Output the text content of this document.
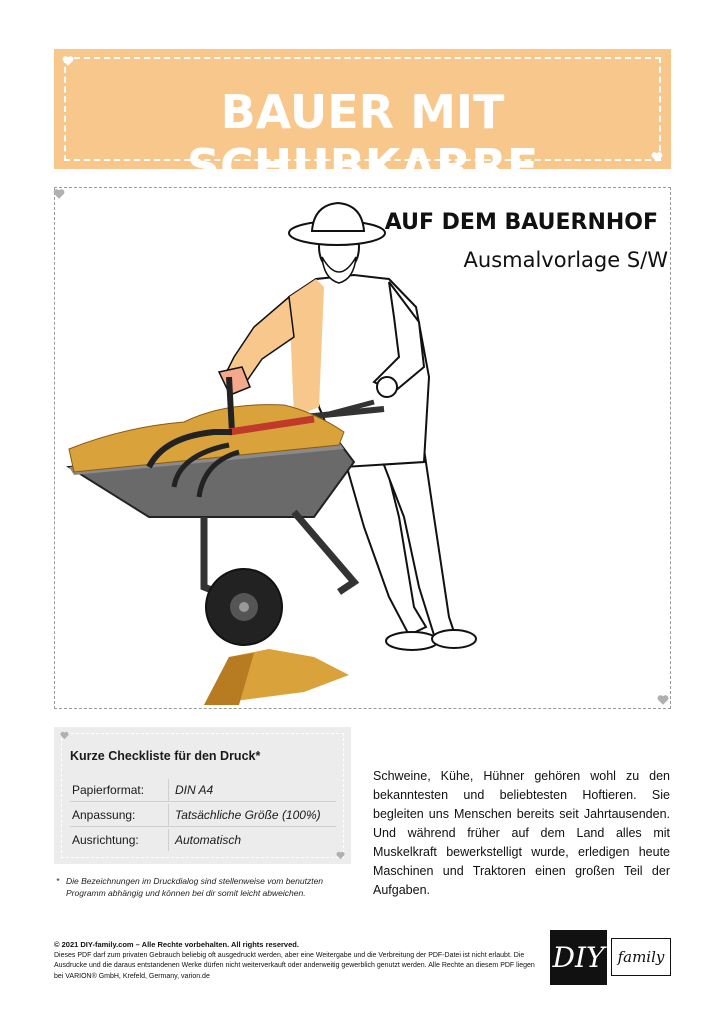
BAUER MIT SCHUBKARRE
AUF DEM BAUERNHOF
Ausmalvorlage S/W
Kurze Checkliste für den Druck*
Papierformat:	DIN A4
Anpassung:	Tatsächliche Größe (100%)
Ausrichtung:	Automatisch
* Die Bezeichnungen im Druckdialog sind stellenweise vom benutzten Programm abhängig und können bei dir somit leicht abweichen.
Schweine, Kühe, Hühner gehören wohl zu den bekanntesten und beliebtesten Hoftieren. Sie begleiten uns Menschen bereits seit Jahrtausenden. Und während früher auf dem Land alles mit Muskelkraft bewerkstelligt wurde, erledigen heute Maschinen und Traktoren einen großen Teil der Aufgaben.
© 2021 DIY-family.com – Alle Rechte vorbehalten. All rights reserved.
Dieses PDF darf zum privaten Gebrauch beliebig oft ausgedruckt werden, aber eine Weitergabe und die Verbreitung der PDF-Datei ist nicht erlaubt. Die Ausdrucke und die daraus entstandenen Werke dürfen nicht weiterverkauft oder anderweitig gewerblich genutzt werden. Alle Rechte an diesem PDF liegen bei VARION® GmbH, Krefeld, Germany, varion.de
DIY family
